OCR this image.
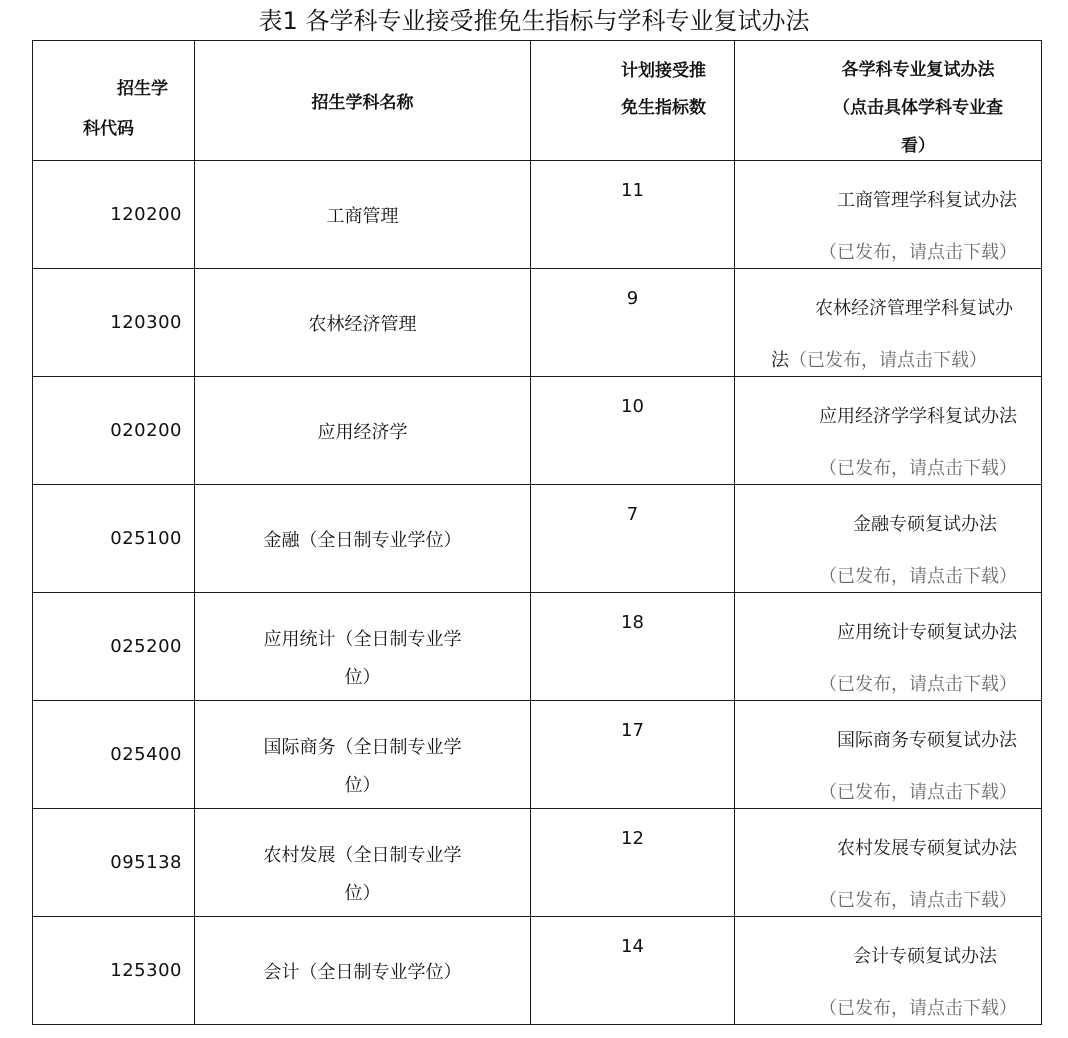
表1 各学科专业接受推免生指标与学科专业复试办法
招生学
科代码	招生学科名称	计划接受推
免生指标数	各学科专业复试办法
（点击具体学科专业查
看）

120200	工商管理	11	工商管理学科复试办法
（已发布，请点击下载）

120300	农林经济管理	9	农林经济管理学科复试办
法（已发布，请点击下载）

020200	应用经济学	10	应用经济学学科复试办法
（已发布，请点击下载）

025100	金融（全日制专业学位）	7	金融专硕复试办法
（已发布，请点击下载）

025200	应用统计（全日制专业学
位）	18	应用统计专硕复试办法
（已发布，请点击下载）

025400	国际商务（全日制专业学
位）	17	国际商务专硕复试办法
（已发布，请点击下载）

095138	农村发展（全日制专业学
位）	12	农村发展专硕复试办法
（已发布，请点击下载）

125300	会计（全日制专业学位）	14	会计专硕复试办法
（已发布，请点击下载）
